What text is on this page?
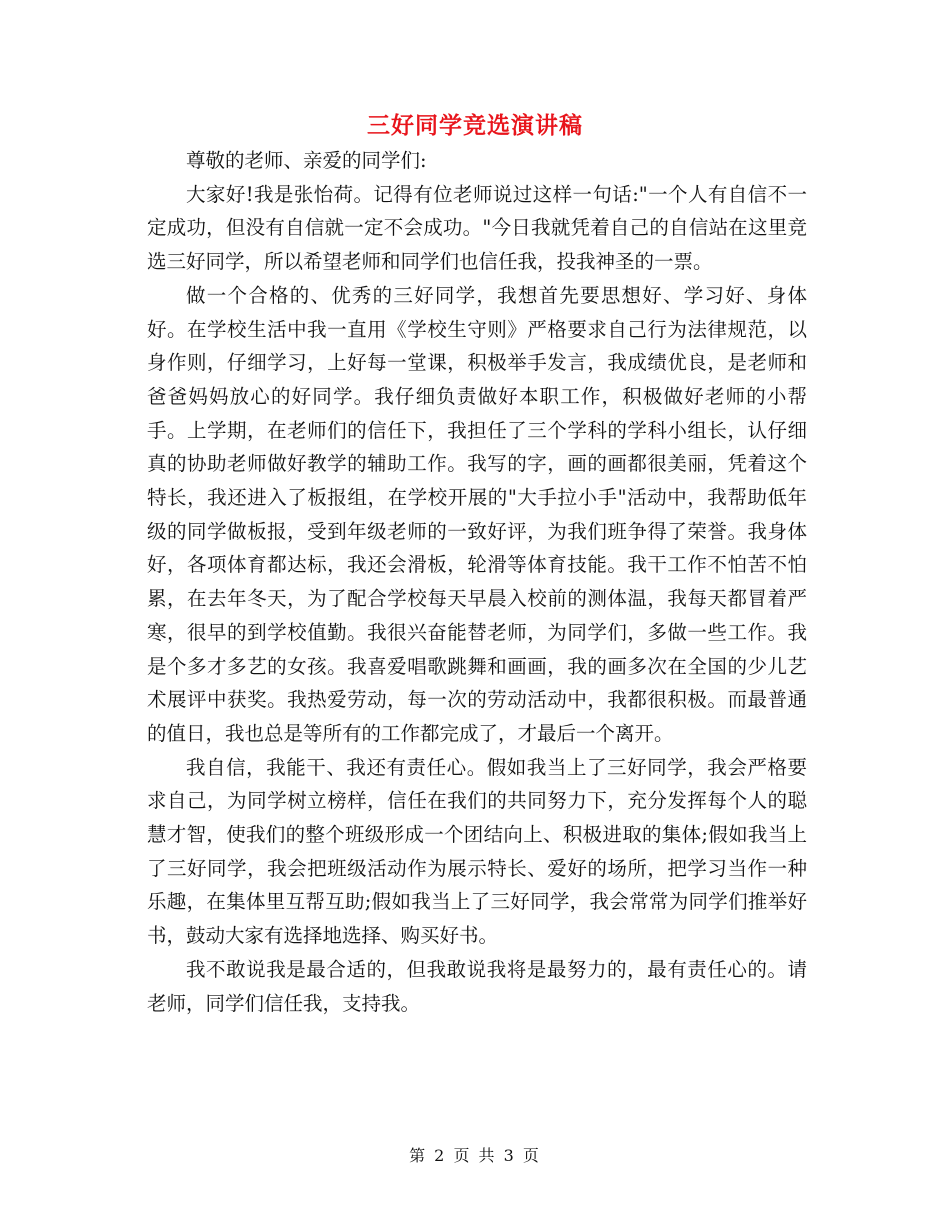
三好同学竞选演讲稿

尊敬的老师、亲爱的同学们:

大家好!我是张怡荷。记得有位老师说过这样一句话:"一个人有自信不一定成功，但没有自信就一定不会成功。"今日我就凭着自己的自信站在这里竞选三好同学，所以希望老师和同学们也信任我，投我神圣的一票。

做一个合格的、优秀的三好同学，我想首先要思想好、学习好、身体好。在学校生活中我一直用《学校生守则》严格要求自己行为法律规范，以身作则，仔细学习，上好每一堂课，积极举手发言，我成绩优良，是老师和爸爸妈妈放心的好同学。我仔细负责做好本职工作，积极做好老师的小帮手。上学期，在老师们的信任下，我担任了三个学科的学科小组长，认仔细真的协助老师做好教学的辅助工作。我写的字，画的画都很美丽，凭着这个特长，我还进入了板报组，在学校开展的"大手拉小手"活动中，我帮助低年级的同学做板报，受到年级老师的一致好评，为我们班争得了荣誉。我身体好，各项体育都达标，我还会滑板，轮滑等体育技能。我干工作不怕苦不怕累，在去年冬天，为了配合学校每天早晨入校前的测体温，我每天都冒着严寒，很早的到学校值勤。我很兴奋能替老师，为同学们，多做一些工作。我是个多才多艺的女孩。我喜爱唱歌跳舞和画画，我的画多次在全国的少儿艺术展评中获奖。我热爱劳动，每一次的劳动活动中，我都很积极。而最普通的值日，我也总是等所有的工作都完成了，才最后一个离开。

我自信，我能干、我还有责任心。假如我当上了三好同学，我会严格要求自己，为同学树立榜样，信任在我们的共同努力下，充分发挥每个人的聪慧才智，使我们的整个班级形成一个团结向上、积极进取的集体;假如我当上了三好同学，我会把班级活动作为展示特长、爱好的场所，把学习当作一种乐趣，在集体里互帮互助;假如我当上了三好同学，我会常常为同学们推举好书，鼓动大家有选择地选择、购买好书。

我不敢说我是最合适的，但我敢说我将是最努力的，最有责任心的。请老师，同学们信任我，支持我。

第 2 页 共 3 页
